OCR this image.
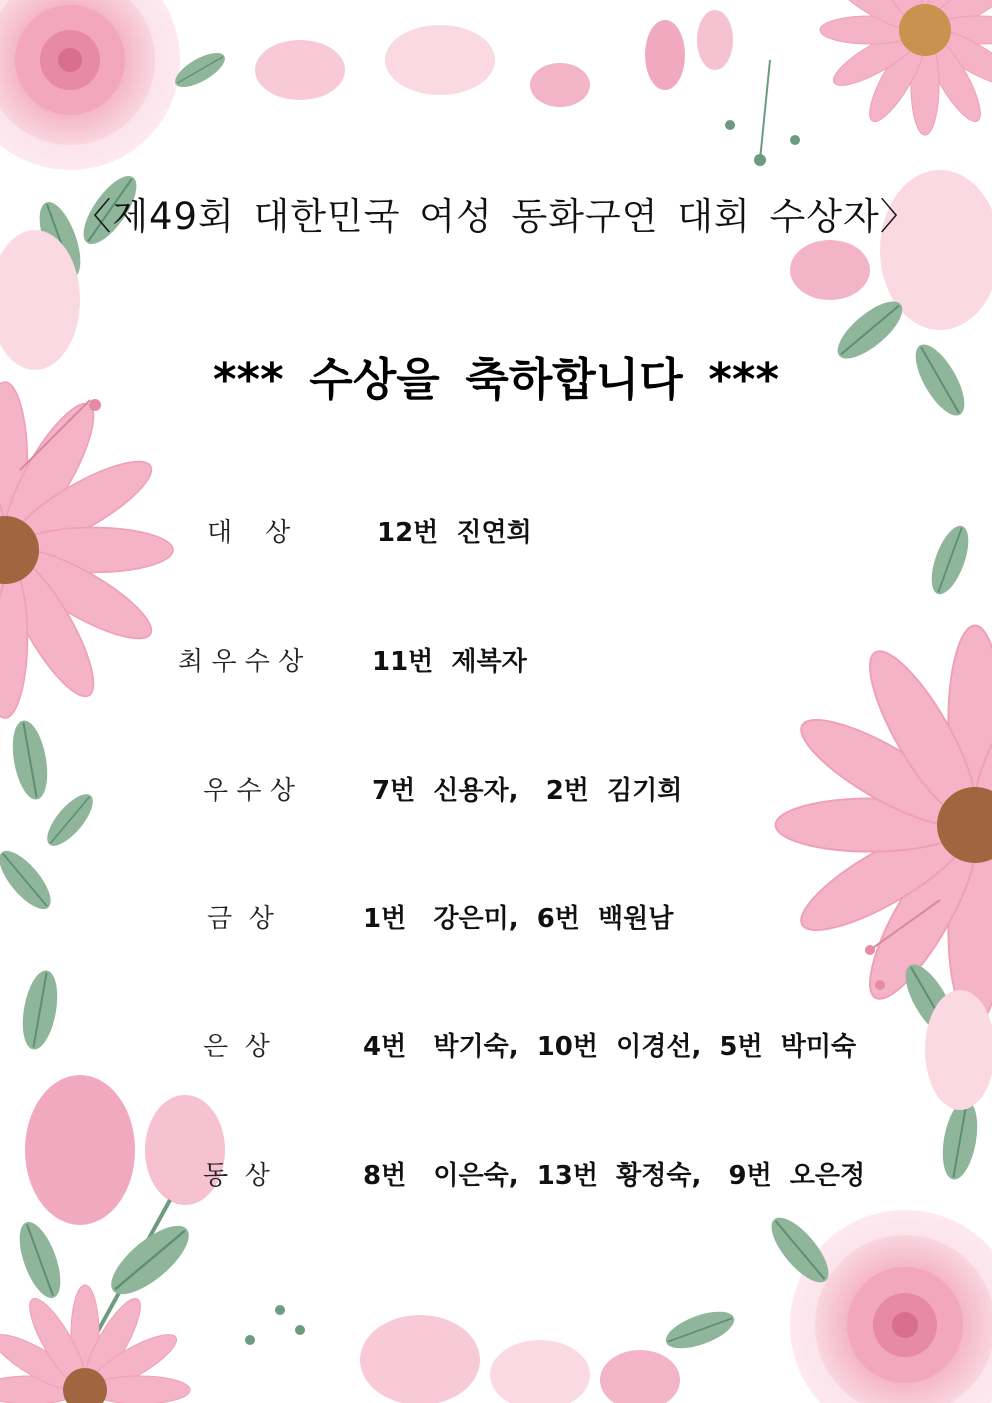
〈제49회 대한민국 여성 동화구연 대회 수상자〉
*** 수상을 축하합니다 ***
대    상	12번  진연희
최 우 수 상	11번  제복자
우 수 상	7번  신용자,   2번  김기희
금  상	1번   강은미,  6번  백원남
은  상	4번   박기숙,  10번  이경선,  5번  박미숙
동  상	8번   이은숙,  13번  황정숙,   9번  오은정
